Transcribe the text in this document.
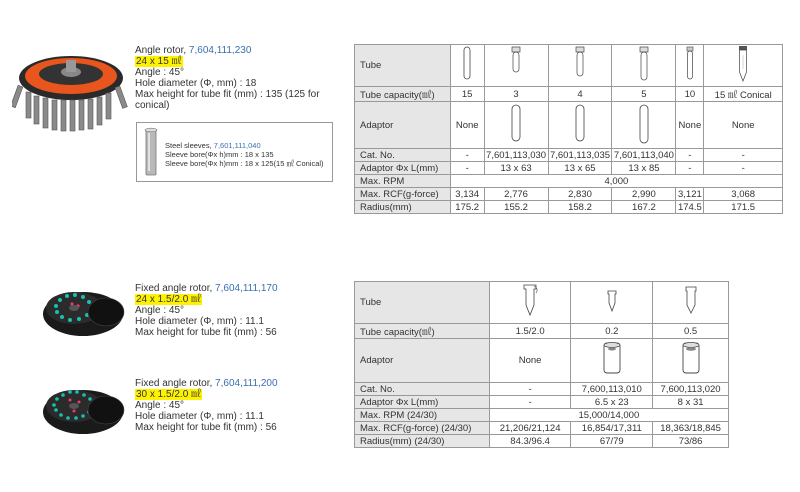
Angle rotor, 7,604,111,230
24 x 15 ㎖
Angle : 45°
Hole diameter (Φ, mm) : 18
Max height for tube fit (mm) : 135 (125 for conical)
Steel sleeves, 7,601,111,040
Sleeve bore(Φx h)mm : 18 x 135
Sleeve bore(Φx h)mm : 18 x 125(15 ㎖ Conical)
Tube						
Tube capacity(㎖)	15	3	4	5	10	15 ㎖ Conical
Adaptor	None				None	None
Cat. No.	-	7,601,113,030	7,601,113,035	7,601,113,040	-	-
Adaptor Φx L(mm)	-	13 x 63	13 x 65	13 x 85	-	-
Max. RPM	4,000					
Max. RCF(g-force)	3,134	2,776	2,830	2,990	3,121	3,068
Radius(mm)	175.2	155.2	158.2	167.2	174.5	171.5
Fixed angle rotor, 7,604,111,170
24 x 1.5/2.0 ㎖
Angle : 45°
Hole diameter (Φ, mm) : 11.1
Max height for tube fit (mm) : 56
Fixed angle rotor, 7,604,111,200
30 x 1.5/2.0 ㎖
Angle : 45°
Hole diameter (Φ, mm) : 11.1
Max height for tube fit (mm) : 56
Tube			
Tube capacity(㎖)	1.5/2.0	0.2	0.5
Adaptor	None		
Cat. No.	-	7,600,113,010	7,600,113,020
Adaptor Φx L(mm)	-	6.5 x 23	8 x 31
Max. RPM (24/30)	15,000/14,000		
Max. RCF(g-force) (24/30)	21,206/21,124	16,854/17,311	18,363/18,845
Radius(mm) (24/30)	84.3/96.4	67/79	73/86
